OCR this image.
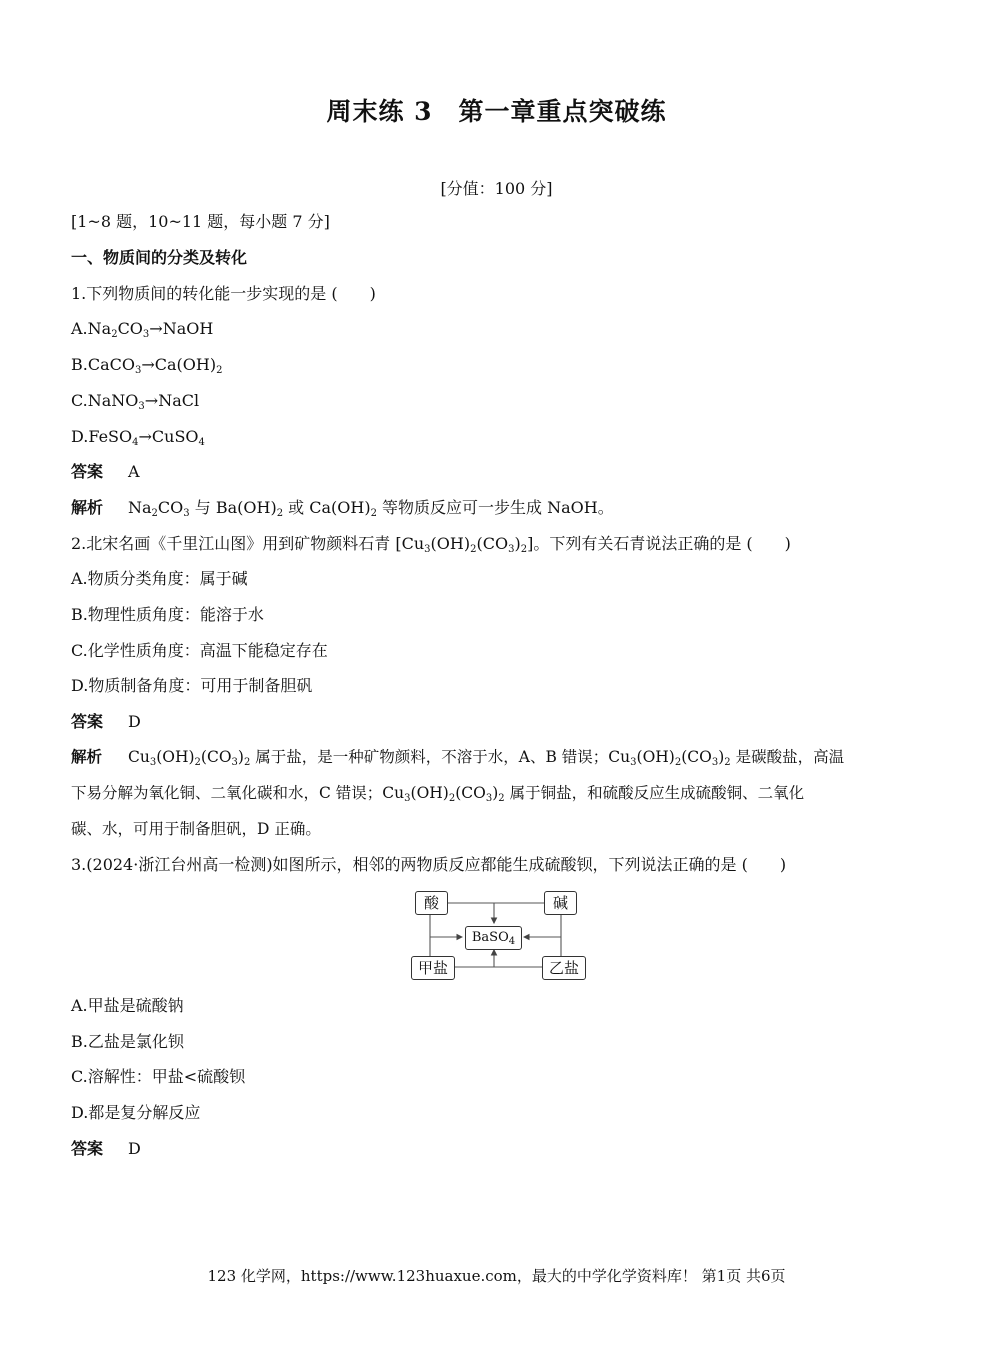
周末练 3 第一章重点突破练
[分值：100 分]
[1~8 题，10~11 题，每小题 7 分]
一、物质间的分类及转化
1.下列物质间的转化能一步实现的是 (　　)
$A.Na_2CO_3\to NaOH$
$B.CaCO_3\to Ca(OH)_2$
C.NaNO$_3$→NaCl
D.FeSO$_4$→CuSO$_4$
答案 A
解析 $Na_2CO_3$ 与 $Ba(OH)_2$ 或 $Ca(OH)_2$ 等物质反应可一步生成 NaOH。
2.北宋名画《千里江山图》用到矿物颜料石青 $[Cu_3(OH)_2(CO_3)_2]$。下列有关石青说法正确的是 (　　)
A.物质分类角度：属于碱
B.物理性质角度：能溶于水
C.化学性质角度：高温下能稳定存在
D.物质制备角度：可用于制备胆矾
答案 D
解析 $Cu_3(OH)_2(CO_3)_2$ 属于盐，是一种矿物颜料，不溶于水，A、B 错误；$Cu_3(OH)_2(CO_3)_2$ 是碳酸盐，高温
下易分解为氧化铜、二氧化碳和水，C 错误；$Cu_3(OH)_2(CO_3)_2$ 属于铜盐，和硫酸反应生成硫酸铜、二氧化
碳、水，可用于制备胆矾，D 正确。
3.(2024·浙江台州高一检测)如图所示，相邻的两物质反应都能生成硫酸钡，下列说法正确的是 (　　)
酸	碱
BaSO$_4$
甲盐	乙盐
A.甲盐是硫酸钠
B.乙盐是氯化钡
C.溶解性：甲盐<硫酸钡
D.都是复分解反应
答案 D
123 化学网，https://www.123huaxue.com，最大的中学化学资料库！ 第1页 共6页
